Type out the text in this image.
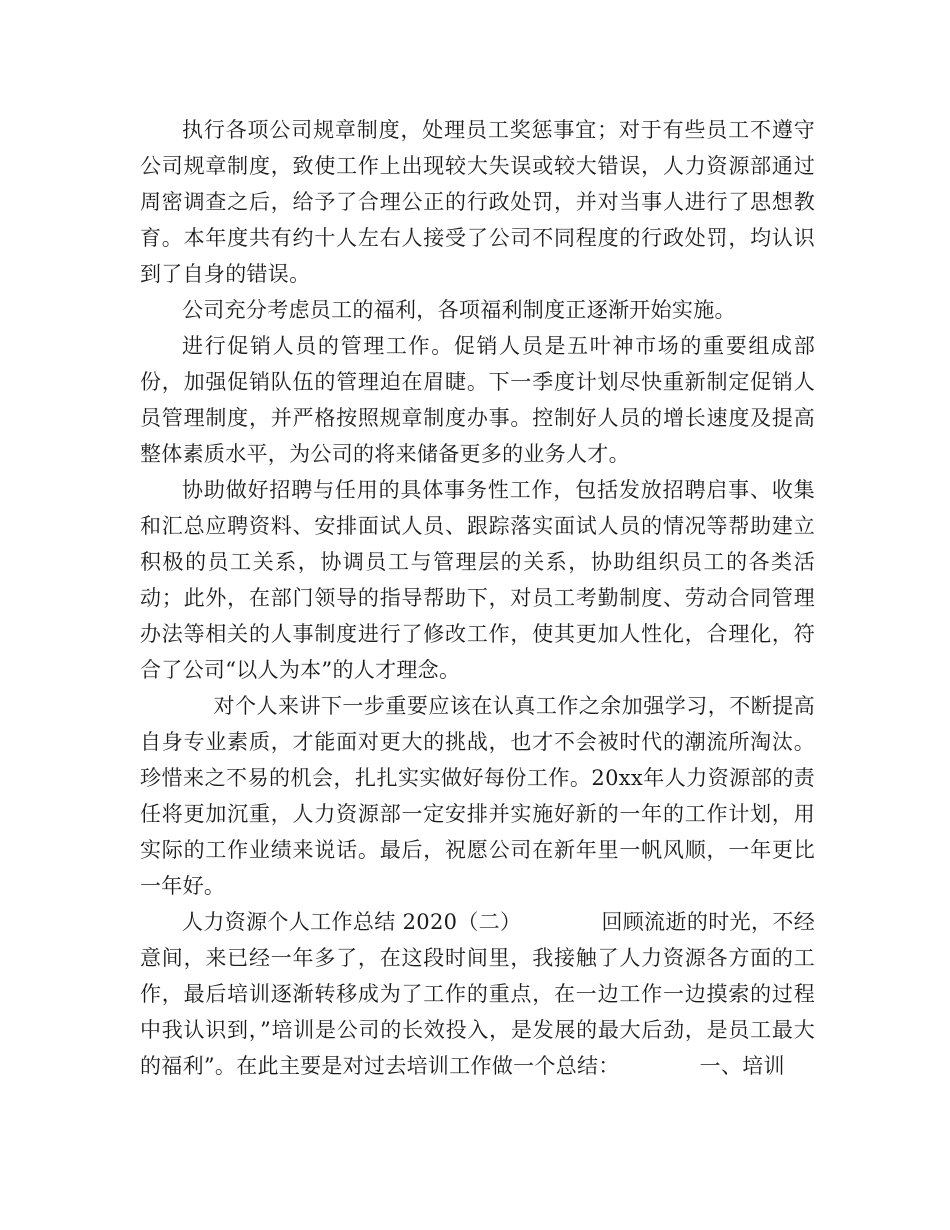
执行各项公司规章制度，处理员工奖惩事宜；对于有些员工不遵守公司规章制度，致使工作上出现较大失误或较大错误，人力资源部通过周密调查之后，给予了合理公正的行政处罚，并对当事人进行了思想教育。本年度共有约十人左右人接受了公司不同程度的行政处罚，均认识到了自身的错误。

公司充分考虑员工的福利，各项福利制度正逐渐开始实施。

进行促销人员的管理工作。促销人员是五叶神市场的重要组成部份，加强促销队伍的管理迫在眉睫。下一季度计划尽快重新制定促销人员管理制度，并严格按照规章制度办事。控制好人员的增长速度及提高整体素质水平，为公司的将来储备更多的业务人才。

协助做好招聘与任用的具体事务性工作，包括发放招聘启事、收集和汇总应聘资料、安排面试人员、跟踪落实面试人员的情况等帮助建立积极的员工关系，协调员工与管理层的关系，协助组织员工的各类活动；此外，在部门领导的指导帮助下，对员工考勤制度、劳动合同管理办法等相关的人事制度进行了修改工作，使其更加人性化，合理化，符合了公司“以人为本”的人才理念。

对个人来讲下一步重要应该在认真工作之余加强学习，不断提高自身专业素质，才能面对更大的挑战，也才不会被时代的潮流所淘汰。珍惜来之不易的机会，扎扎实实做好每份工作。20xx年人力资源部的责任将更加沉重，人力资源部一定安排并实施好新的一年的工作计划，用实际的工作业绩来说话。最后，祝愿公司在新年里一帆风顺，一年更比一年好。

人力资源个人工作总结 2020（二）	回顾流逝的时光，不经意间，来已经一年多了，在这段时间里，我接触了人力资源各方面的工作，最后培训逐渐转移成为了工作的重点，在一边工作一边摸索的过程中我认识到，”培训是公司的长效投入，是发展的最大后劲，是员工最大的福利”。在此主要是对过去培训工作做一个总结：	一、培训
